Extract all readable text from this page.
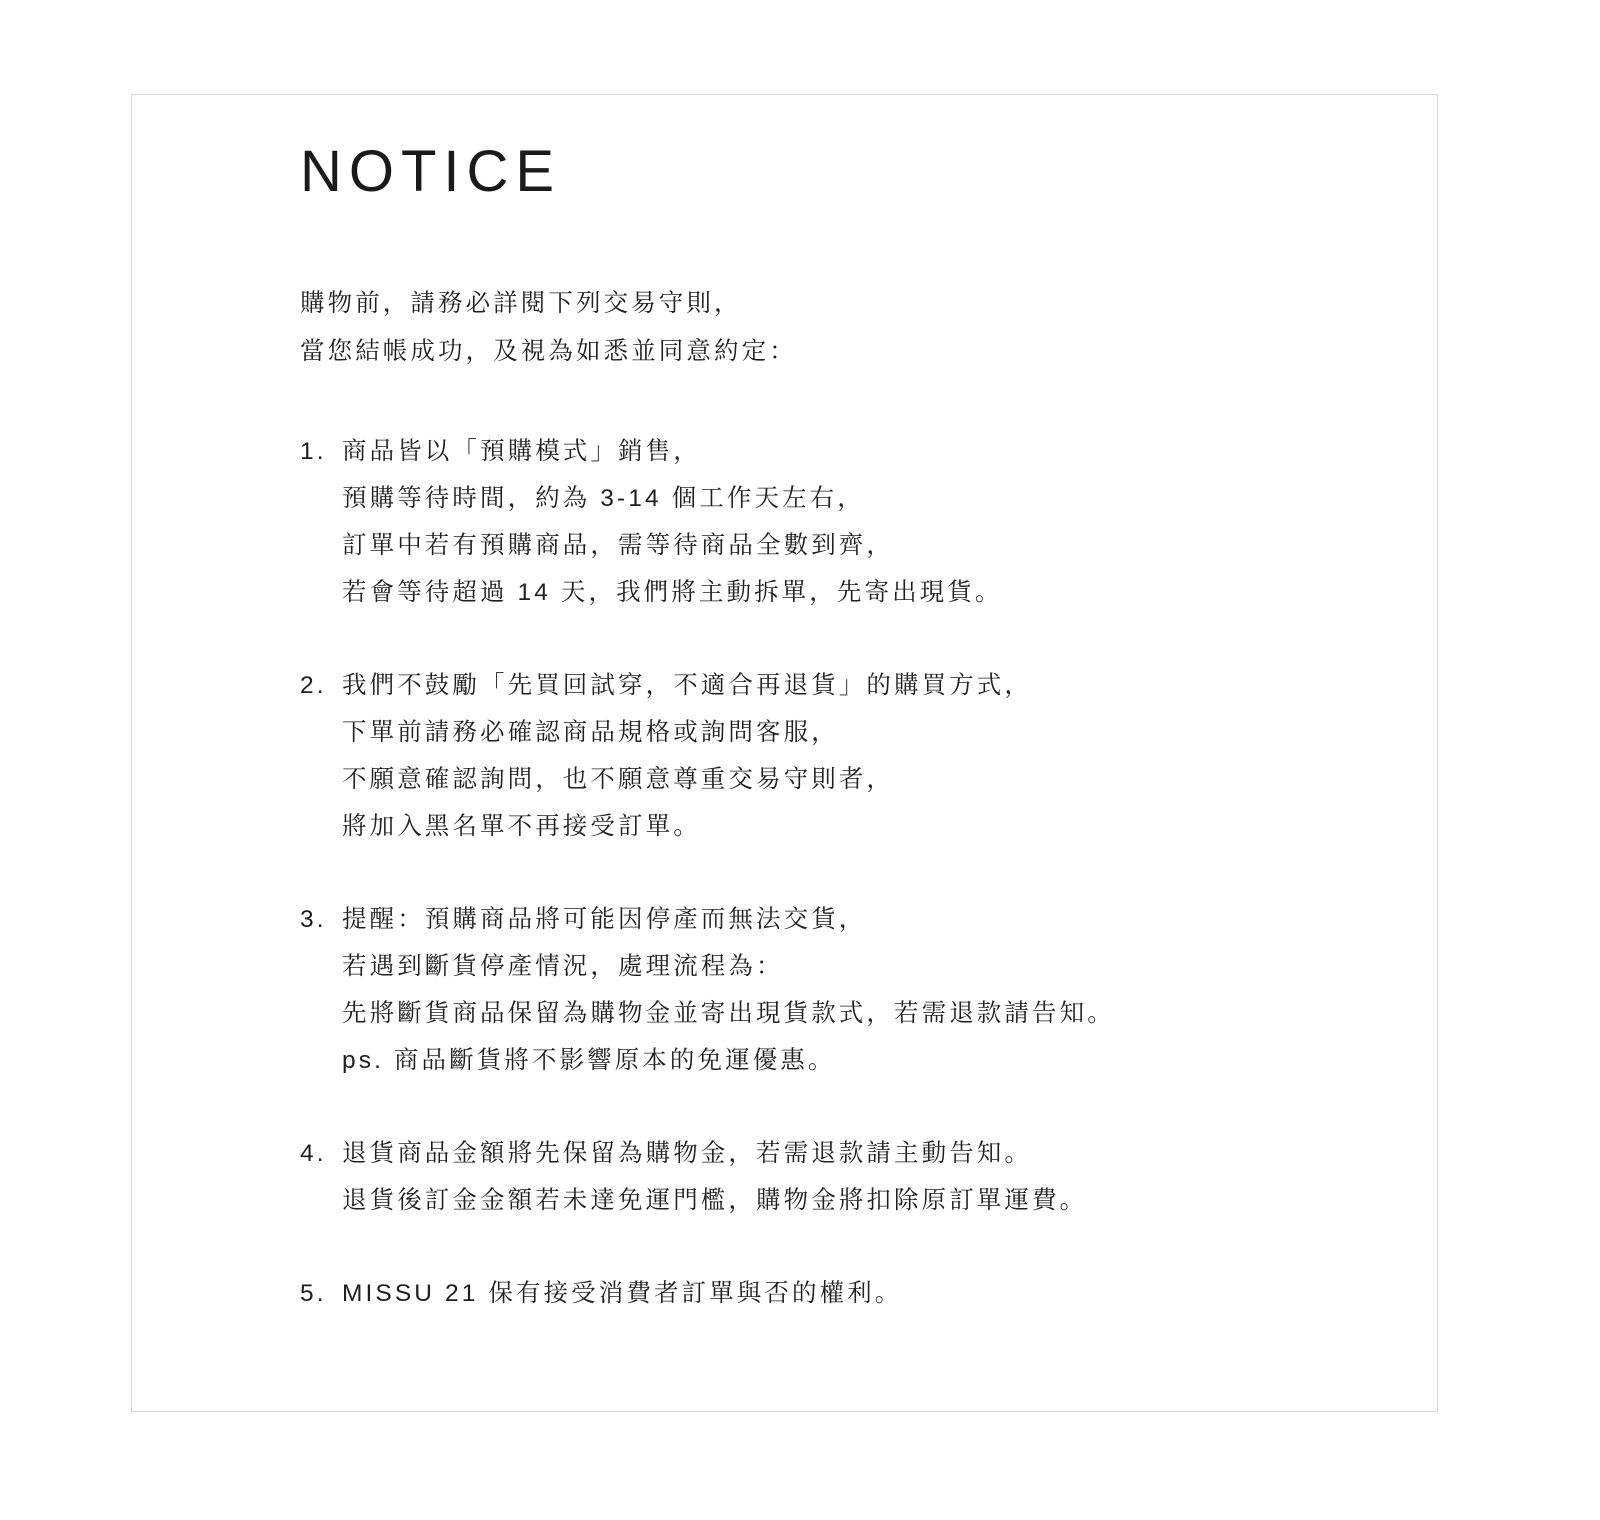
NOTICE
購物前，請務必詳閱下列交易守則，
當您結帳成功，及視為如悉並同意約定：
1. 商品皆以「預購模式」銷售，
預購等待時間，約為 3-14 個工作天左右，
訂單中若有預購商品，需等待商品全數到齊，
若會等待超過 14 天，我們將主動拆單，先寄出現貨。
2. 我們不鼓勵「先買回試穿，不適合再退貨」的購買方式，
下單前請務必確認商品規格或詢問客服，
不願意確認詢問，也不願意尊重交易守則者，
將加入黑名單不再接受訂單。
3. 提醒：預購商品將可能因停產而無法交貨，
若遇到斷貨停產情況，處理流程為：
先將斷貨商品保留為購物金並寄出現貨款式，若需退款請告知。
ps. 商品斷貨將不影響原本的免運優惠。
4. 退貨商品金額將先保留為購物金，若需退款請主動告知。
退貨後訂金金額若未達免運門檻，購物金將扣除原訂單運費。
5. MISSU 21 保有接受消費者訂單與否的權利。
